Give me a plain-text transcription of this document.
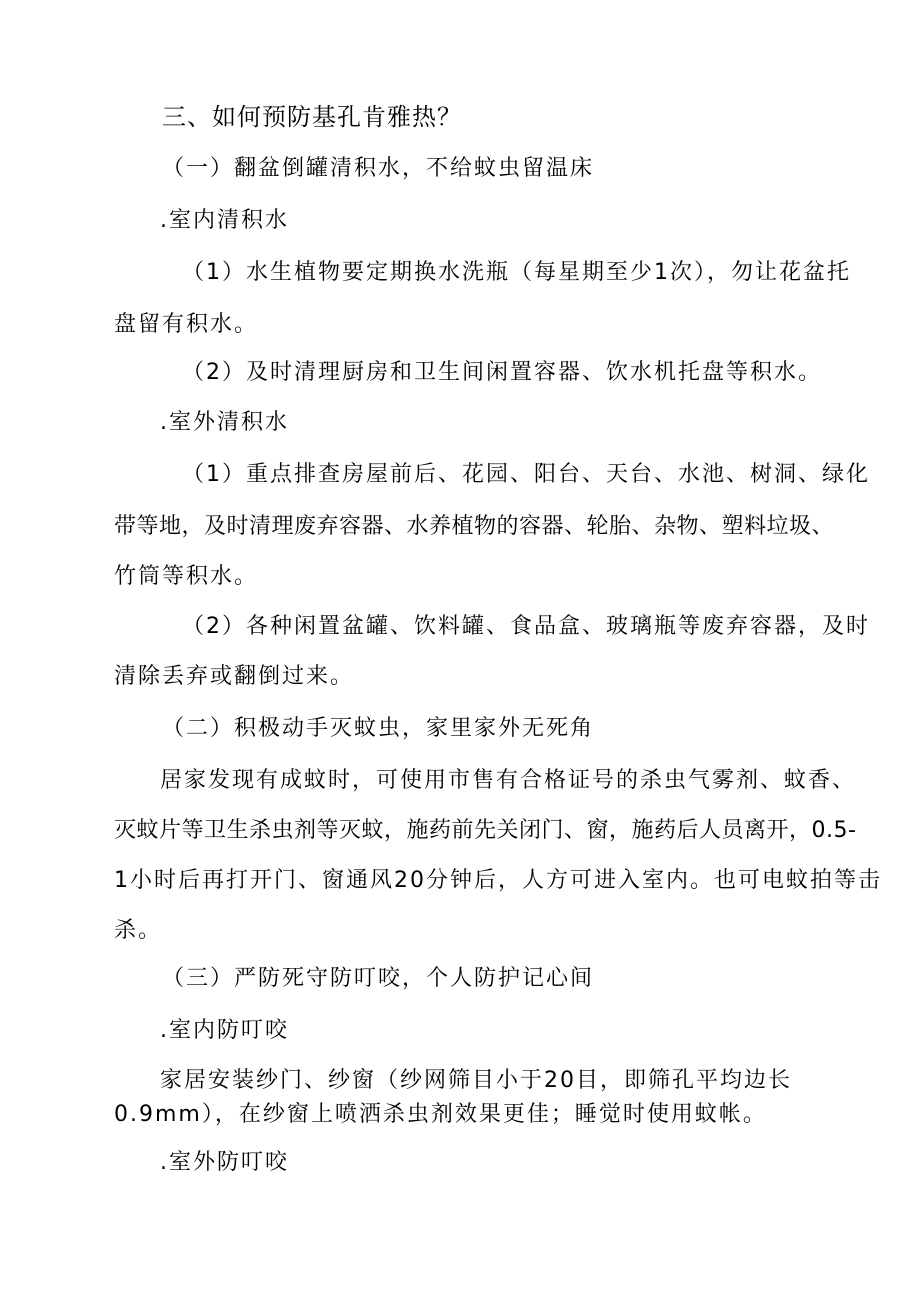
三、如何预防基孔肯雅热？
（一）翻盆倒罐清积水，不给蚊虫留温床
.室内清积水
（1）水生植物要定期换水洗瓶（每星期至少1次），勿让花盆托
盘留有积水。
（2）及时清理厨房和卫生间闲置容器、饮水机托盘等积水。
.室外清积水
（1）重点排查房屋前后、花园、阳台、天台、水池、树洞、绿化
带等地，及时清理废弃容器、水养植物的容器、轮胎、杂物、塑料垃圾、
竹筒等积水。
（2）各种闲置盆罐、饮料罐、食品盒、玻璃瓶等废弃容器，及时
清除丢弃或翻倒过来。
（二）积极动手灭蚊虫，家里家外无死角
居家发现有成蚊时，可使用市售有合格证号的杀虫气雾剂、蚊香、
灭蚊片等卫生杀虫剂等灭蚊，施药前先关闭门、窗，施药后人员离开，0.5-
1小时后再打开门、窗通风20分钟后，人方可进入室内。也可电蚊拍等击
杀。
（三）严防死守防叮咬，个人防护记心间
.室内防叮咬
家居安装纱门、纱窗（纱网筛目小于20目，即筛孔平均边长
0.9mm），在纱窗上喷洒杀虫剂效果更佳；睡觉时使用蚊帐。
.室外防叮咬
